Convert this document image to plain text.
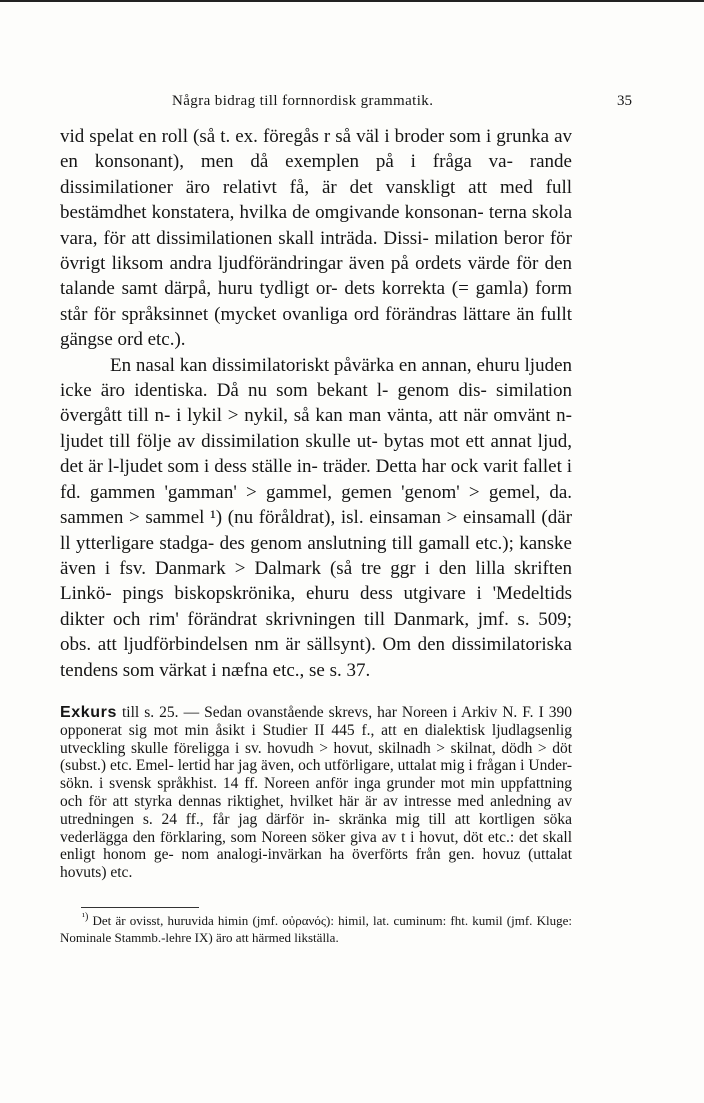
Några bidrag till fornnordisk grammatik.	35

vid spelat en roll (så t. ex. föregås r så väl i broder som i grunka av en konsonant), men då exemplen på i fråga va- rande dissimilationer äro relativt få, är det vanskligt att med full bestämdhet konstatera, hvilka de omgivande konsonan- terna skola vara, för att dissimilationen skall inträda. Dissi- milation beror för övrigt liksom andra ljudförändringar även på ordets värde för den talande samt därpå, huru tydligt or- dets korrekta (= gamla) form står för språksinnet (mycket ovanliga ord förändras lättare än fullt gängse ord etc.).

En nasal kan dissimilatoriskt påvärka en annan, ehuru ljuden icke äro identiska. Då nu som bekant l- genom dis- similation övergått till n- i lykil > nykil, så kan man vänta, att när omvänt n-ljudet till följe av dissimilation skulle ut- bytas mot ett annat ljud, det är l-ljudet som i dess ställe in- träder. Detta har ock varit fallet i fd. gammen 'gamman' > gammel, gemen 'genom' > gemel, da. sammen > sammel ¹) (nu föråldrat), isl. einsaman > einsamall (där ll ytterligare stadga- des genom anslutning till gamall etc.); kanske även i fsv. Danmark > Dalmark (så tre ggr i den lilla skriften Linkö- pings biskopskrönika, ehuru dess utgivare i 'Medeltids dikter och rim' förändrat skrivningen till Danmark, jmf. s. 509; obs. att ljudförbindelsen nm är sällsynt). Om den dissimilatoriska tendens som värkat i næfna etc., se s. 37.

Exkurs till s. 25. — Sedan ovanstående skrevs, har Noreen i Arkiv N. F. I 390 opponerat sig mot min åsikt i Studier II 445 f., att en dialektisk ljudlagsenlig utveckling skulle föreligga i sv. hovudh > hovut, skilnadh > skilnat, dödh > döt (subst.) etc. Emel- lertid har jag även, och utförligare, uttalat mig i frågan i Under- sökn. i svensk språkhist. 14 ff. Noreen anför inga grunder mot min uppfattning och för att styrka dennas riktighet, hvilket här är av intresse med anledning av utredningen s. 24 ff., får jag därför in- skränka mig till att kortligen söka vederlägga den förklaring, som Noreen söker giva av t i hovut, döt etc.: det skall enligt honom ge- nom analogi-invärkan ha överförts från gen. hovuz (uttalat hovuts) etc.
$^{^1)}$ Det är ovisst, huruvida himin (jmf. οὐρανός): himil, lat. cuminum: fht. kumil (jmf. Kluge: Nominale Stammb.-lehre IX) äro att härmed likställa.
